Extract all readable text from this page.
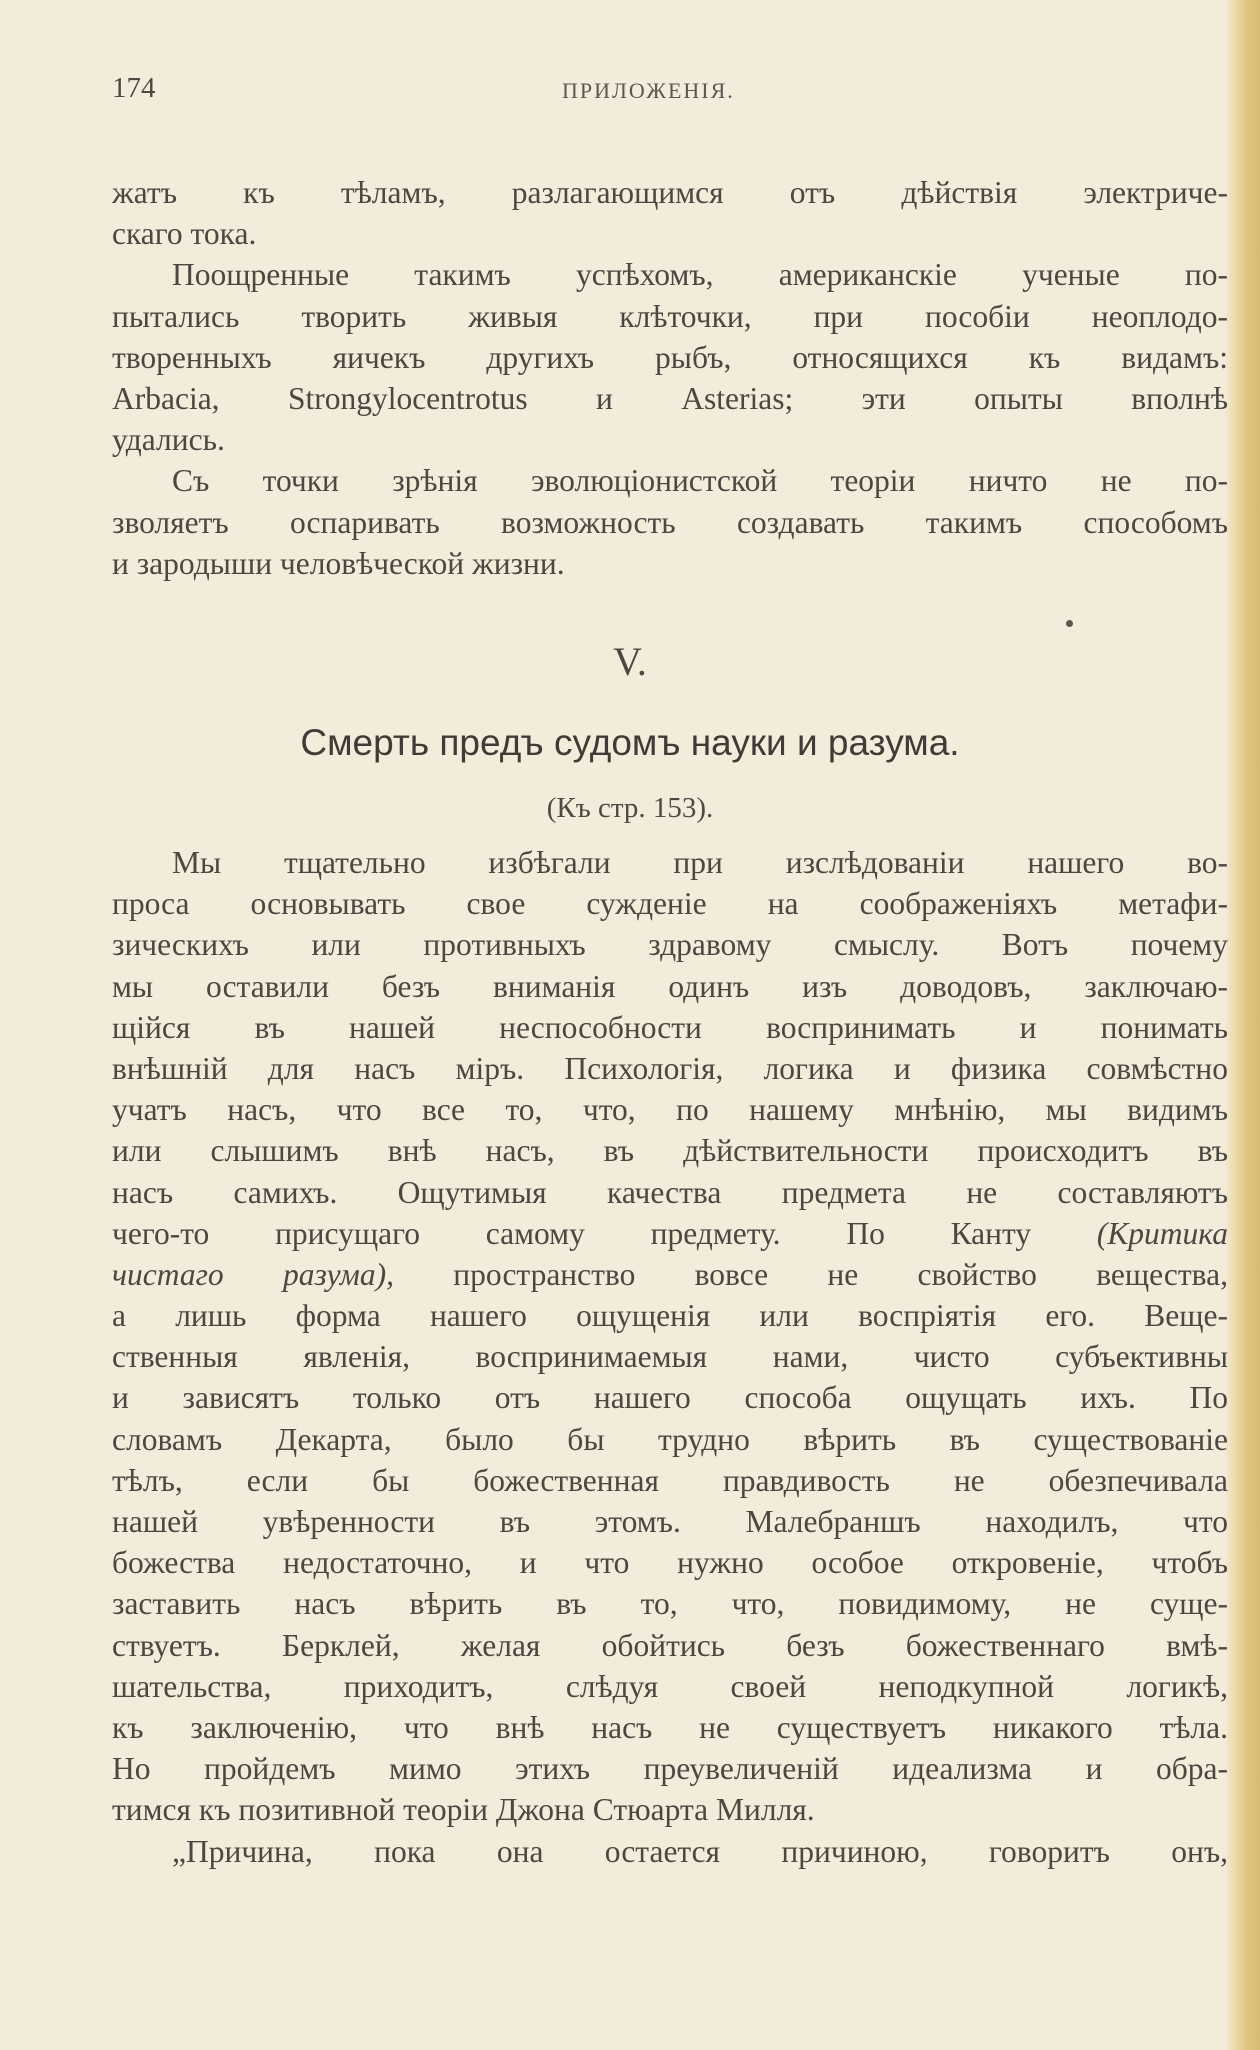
174	ПРИЛОЖЕНІЯ.
жатъ къ тѣламъ, разлагающимся отъ дѣйствія электриче-
скаго тока.
Поощренные такимъ успѣхомъ, американскіе ученые по-
пытались творить живыя клѣточки, при пособіи неоплодо-
творенныхъ яичекъ другихъ рыбъ, относящихся къ видамъ:
Arbacia, Strongylocentrotus и Asterias; эти опыты вполнѣ
удались.
Съ точки зрѣнія эволюціонистской теоріи ничто не по-
зволяетъ оспаривать возможность создавать такимъ способомъ
и зародыши человѣческой жизни.
V.
Смерть предъ судомъ науки и разума.
(Къ стр. 153).
Мы тщательно избѣгали при изслѣдованіи нашего во-
проса основывать свое сужденіе на соображеніяхъ метафи-
зическихъ или противныхъ здравому смыслу. Вотъ почему
мы оставили безъ вниманія одинъ изъ доводовъ, заключаю-
щійся въ нашей неспособности воспринимать и понимать
внѣшній для насъ міръ. Психологія, логика и физика совмѣстно
учатъ насъ, что все то, что, по нашему мнѣнію, мы видимъ
или слышимъ внѣ насъ, въ дѣйствительности происходитъ въ
насъ самихъ. Ощутимыя качества предмета не составляютъ
чего-то присущаго самому предмету. По Канту (Критика
чистаго разума), пространство вовсе не свойство вещества,
а лишь форма нашего ощущенія или воспріятія его. Веще-
ственныя явленія, воспринимаемыя нами, чисто субъективны
и зависятъ только отъ нашего способа ощущать ихъ. По
словамъ Декарта, было бы трудно вѣрить въ существованіе
тѣлъ, если бы божественная правдивость не обезпечивала
нашей увѣренности въ этомъ. Малебраншъ находилъ, что
божества недостаточно, и что нужно особое откровеніе, чтобъ
заставить насъ вѣрить въ то, что, повидимому, не суще-
ствуетъ. Берклей, желая обойтись безъ божественнаго вмѣ-
шательства, приходитъ, слѣдуя своей неподкупной логикѣ,
къ заключенію, что внѣ насъ не существуетъ никакого тѣла.
Но пройдемъ мимо этихъ преувеличеній идеализма и обра-
тимся къ позитивной теоріи Джона Стюарта Милля.
„Причина, пока она остается причиною, говоритъ онъ,
